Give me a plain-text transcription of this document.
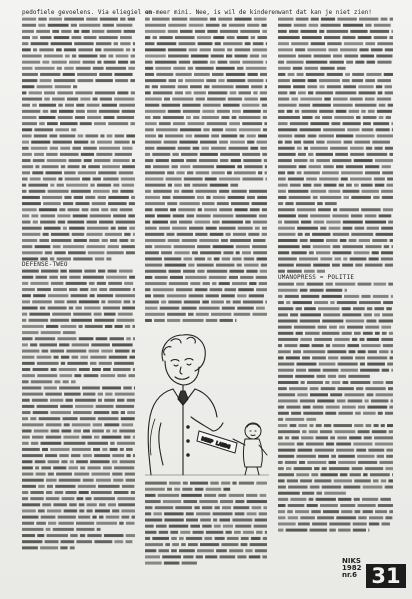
pedofiele gevoelens. Via eliegiel om-
DEFENSE-TWEO
en meer mini. Nee, is wil de kinderen want dat kan je niet zien!
UMANOPRESS = POLITIE
DEEP LANDS
NIKS
1982
nr.6 31
